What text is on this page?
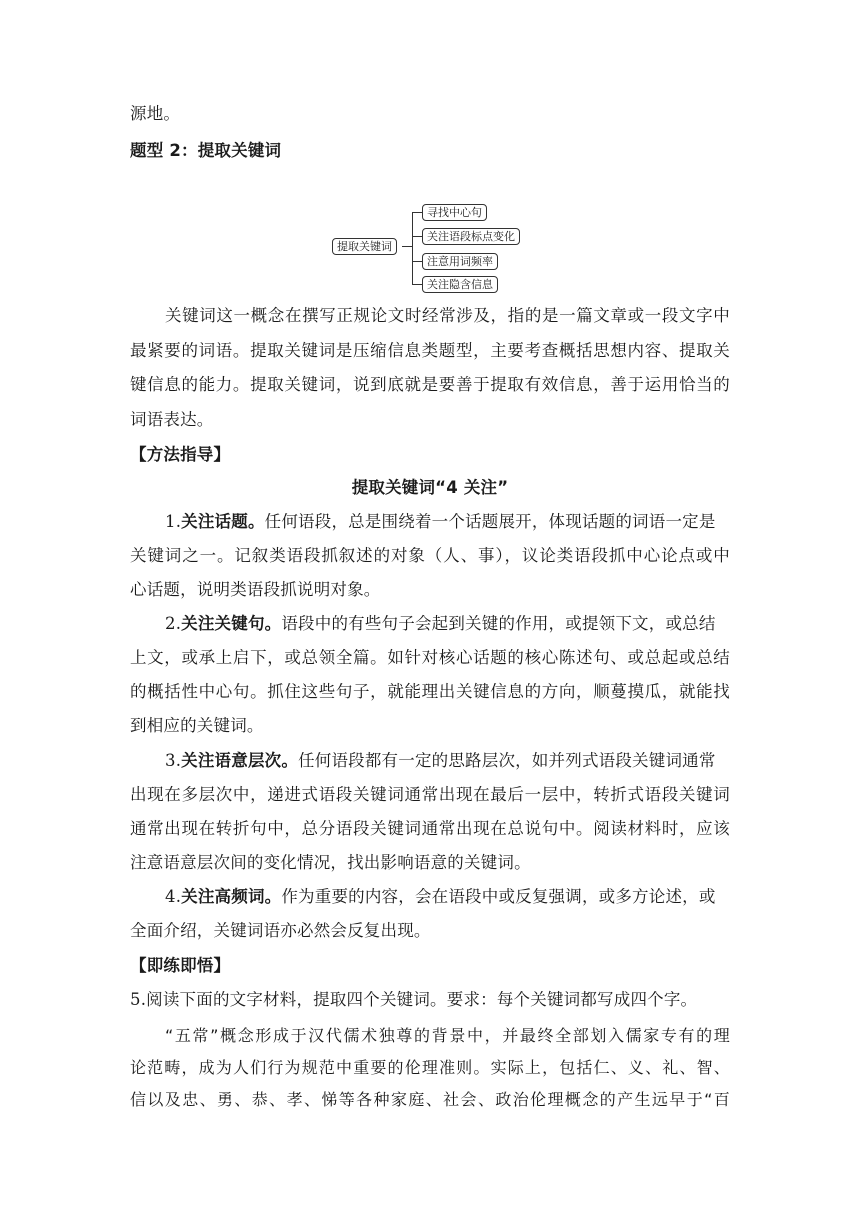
源地。
题型 2：提取关键词
提取关键词
寻找中心句
关注语段标点变化
注意用词频率
关注隐含信息
关键词这一概念在撰写正规论文时经常涉及，指的是一篇文章或一段文字中
最紧要的词语。提取关键词是压缩信息类题型，主要考查概括思想内容、提取关
键信息的能力。提取关键词，说到底就是要善于提取有效信息，善于运用恰当的
词语表达。
【方法指导】
提取关键词“4 关注”
1.关注话题。任何语段，总是围绕着一个话题展开，体现话题的词语一定是
关键词之一。记叙类语段抓叙述的对象（人、事），议论类语段抓中心论点或中
心话题，说明类语段抓说明对象。
2.关注关键句。语段中的有些句子会起到关键的作用，或提领下文，或总结
上文，或承上启下，或总领全篇。如针对核心话题的核心陈述句、或总起或总结
的概括性中心句。抓住这些句子，就能理出关键信息的方向，顺蔓摸瓜，就能找
到相应的关键词。
3.关注语意层次。任何语段都有一定的思路层次，如并列式语段关键词通常
出现在多层次中，递进式语段关键词通常出现在最后一层中，转折式语段关键词
通常出现在转折句中，总分语段关键词通常出现在总说句中。阅读材料时，应该
注意语意层次间的变化情况，找出影响语意的关键词。
4.关注高频词。作为重要的内容，会在语段中或反复强调，或多方论述，或
全面介绍，关键词语亦必然会反复出现。
【即练即悟】
5.阅读下面的文字材料，提取四个关键词。要求：每个关键词都写成四个字。
“五常”概念形成于汉代儒术独尊的背景中，并最终全部划入儒家专有的理
论范畴，成为人们行为规范中重要的伦理准则。实际上，包括仁、义、礼、智、
信以及忠、勇、恭、孝、悌等各种家庭、社会、政治伦理概念的产生远早于“百
